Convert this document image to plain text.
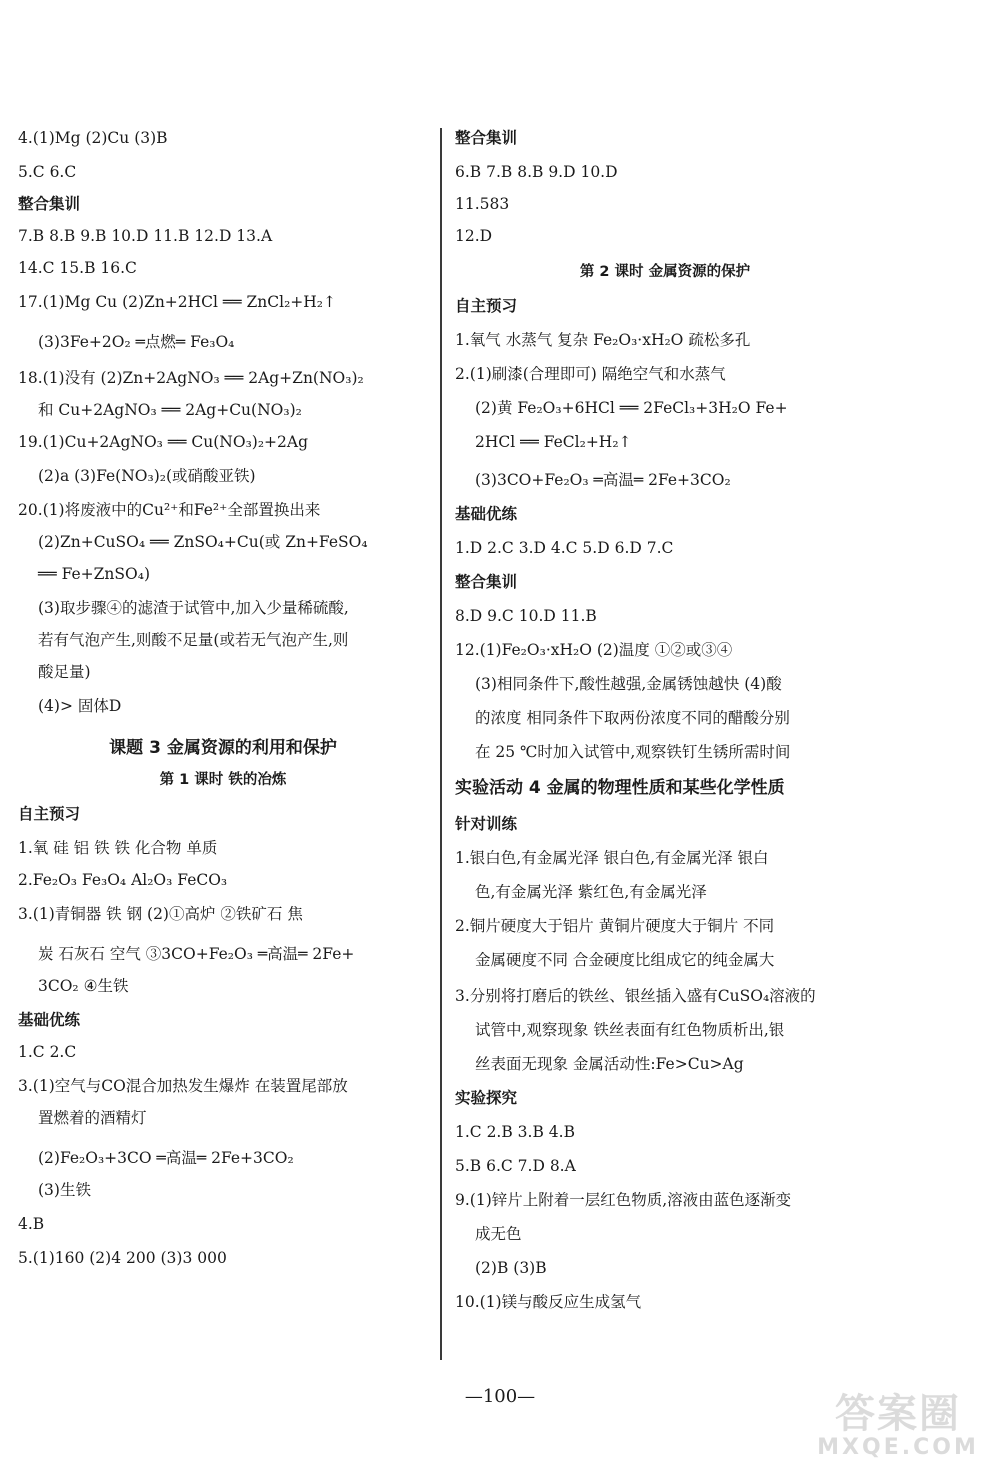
4.(1)Mg (2)Cu (3)B
5.C 6.C
整合集训
7.B 8.B 9.B 10.D 11.B 12.D 13.A
14.C 15.B 16.C
17.(1)Mg Cu (2)Zn+2HCl ══ ZnCl₂+H₂↑
(3)3Fe+2O₂ ═点燃═ Fe₃O₄
18.(1)没有 (2)Zn+2AgNO₃ ══ 2Ag+Zn(NO₃)₂
和 Cu+2AgNO₃ ══ 2Ag+Cu(NO₃)₂
19.(1)Cu+2AgNO₃ ══ Cu(NO₃)₂+2Ag
(2)a (3)Fe(NO₃)₂(或硝酸亚铁)
20.(1)将废液中的Cu²⁺和Fe²⁺全部置换出来
(2)Zn+CuSO₄ ══ ZnSO₄+Cu(或 Zn+FeSO₄
══ Fe+ZnSO₄)
(3)取步骤④的滤渣于试管中,加入少量稀硫酸,
若有气泡产生,则酸不足量(或若无气泡产生,则
酸足量)
(4)> 固体D
课题 3 金属资源的利用和保护
第 1 课时 铁的冶炼
自主预习
1.氧 硅 铝 铁 铁 化合物 单质
2.Fe₂O₃ Fe₃O₄ Al₂O₃ FeCO₃
3.(1)青铜器 铁 钢 (2)①高炉 ②铁矿石 焦
炭 石灰石 空气 ③3CO+Fe₂O₃ ═高温═ 2Fe+
3CO₂ ④生铁
基础优练
1.C 2.C
3.(1)空气与CO混合加热发生爆炸 在装置尾部放
置燃着的酒精灯
(2)Fe₂O₃+3CO ═高温═ 2Fe+3CO₂
(3)生铁
4.B
5.(1)160 (2)4 200 (3)3 000
整合集训
6.B 7.B 8.B 9.D 10.D
11.583
12.D
第 2 课时 金属资源的保护
自主预习
1.氧气 水蒸气 复杂 Fe₂O₃·xH₂O 疏松多孔
2.(1)刷漆(合理即可) 隔绝空气和水蒸气
(2)黄 Fe₂O₃+6HCl ══ 2FeCl₃+3H₂O Fe+
2HCl ══ FeCl₂+H₂↑
(3)3CO+Fe₂O₃ ═高温═ 2Fe+3CO₂
基础优练
1.D 2.C 3.D 4.C 5.D 6.D 7.C
整合集训
8.D 9.C 10.D 11.B
12.(1)Fe₂O₃·xH₂O (2)温度 ①②或③④
(3)相同条件下,酸性越强,金属锈蚀越快 (4)酸
的浓度 相同条件下取两份浓度不同的醋酸分别
在 25 ℃时加入试管中,观察铁钉生锈所需时间
实验活动 4 金属的物理性质和某些化学性质
针对训练
1.银白色,有金属光泽 银白色,有金属光泽 银白
色,有金属光泽 紫红色,有金属光泽
2.铜片硬度大于铝片 黄铜片硬度大于铜片 不同
金属硬度不同 合金硬度比组成它的纯金属大
3.分别将打磨后的铁丝、银丝插入盛有CuSO₄溶液的
试管中,观察现象 铁丝表面有红色物质析出,银
丝表面无现象 金属活动性:Fe>Cu>Ag
实验探究
1.C 2.B 3.B 4.B
5.B 6.C 7.D 8.A
9.(1)锌片上附着一层红色物质,溶液由蓝色逐渐变
成无色
(2)B (3)B
10.(1)镁与酸反应生成氢气
—100—	答案圈
MXQE.COM
